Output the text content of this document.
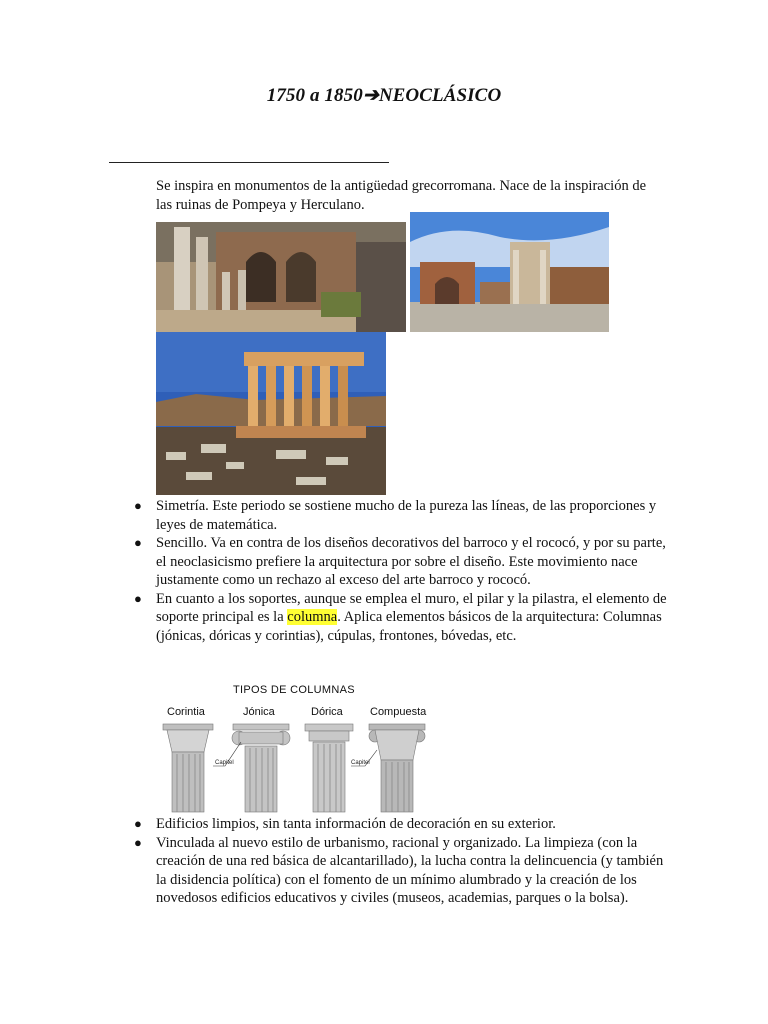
1750 a 1850➔NEOCLÁSICO
Se inspira en monumentos de la antigüedad grecorromana. Nace de la inspiración de las ruinas de Pompeya y Herculano.
● Simetría. Este periodo se sostiene mucho de la pureza las líneas, de las proporciones y leyes de matemática.
● Sencillo. Va en contra de los diseños decorativos del barroco y el rococó, y por su parte, el neoclasicismo prefiere la arquitectura por sobre el diseño. Este movimiento nace justamente como un rechazo al exceso del arte barroco y rococó.
● En cuanto a los soportes, aunque se emplea el muro, el pilar y la pilastra, el elemento de soporte principal es la columna. Aplica elementos básicos de la arquitectura: Columnas (jónicas, dóricas y corintias), cúpulas, frontones, bóvedas, etc.
TIPOS DE COLUMNAS
Corintia	Jónica	Dórica Compuesta
Capitel	Capitel
● Edificios limpios, sin tanta información de decoración en su exterior.
● Vinculada al nuevo estilo de urbanismo, racional y organizado. La limpieza (con la creación de una red básica de alcantarillado), la lucha contra la delincuencia (y también la disidencia política) con el fomento de un mínimo alumbrado y la creación de los novedosos edificios educativos y civiles (museos, academias, parques o la bolsa).
